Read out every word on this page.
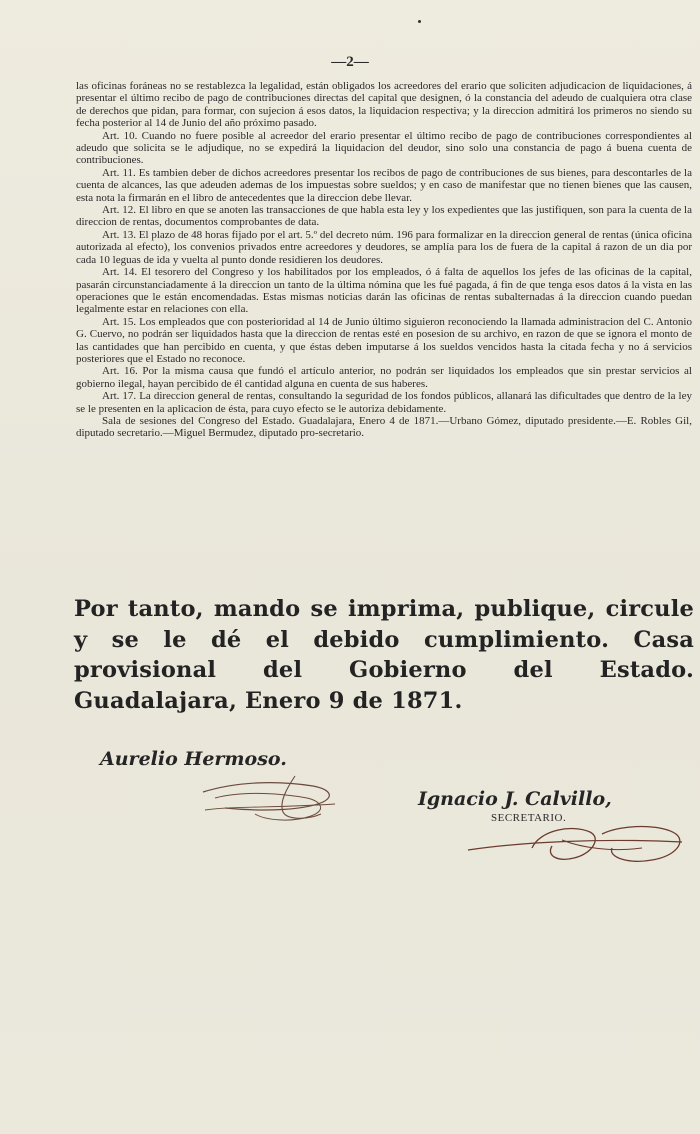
—2—

las oficinas foráneas no se restablezca la legalidad, están obligados los acreedores del erario que soliciten adjudicacion de liquidaciones, á presentar el último recibo de pago de contribuciones directas del capital que designen, ó la constancia del adeudo de cualquiera otra clase de derechos que pidan, para formar, con sujecion á esos datos, la liquidacion respectiva; y la direccion admitirá los primeros no siendo su fecha posterior al 14 de Junio del año próximo pasado.

Art. 10. Cuando no fuere posible al acreedor del erario presentar el último recibo de pago de contribuciones correspondientes al adeudo que solicita se le adjudique, no se expedirá la liquidacion del deudor, sino solo una constancia de pago á buena cuenta de contribuciones.

Art. 11. Es tambien deber de dichos acreedores presentar los recibos de pago de contribuciones de sus bienes, para descontarles de la cuenta de alcances, las que adeuden ademas de los impuestas sobre sueldos; y en caso de manifestar que no tienen bienes que las causen, esta nota la firmarán en el libro de antecedentes que la direccion debe llevar.

Art. 12. El libro en que se anoten las transacciones de que habla esta ley y los expedientes que las justifiquen, son para la cuenta de la direccion de rentas, documentos comprobantes de data.

Art. 13. El plazo de 48 horas fijado por el art. 5.º del decreto núm. 196 para formalizar en la direccion general de rentas (única oficina autorizada al efecto), los convenios privados entre acreedores y deudores, se amplía para los de fuera de la capital á razon de un dia por cada 10 leguas de ida y vuelta al punto donde residieren los deudores.

Art. 14. El tesorero del Congreso y los habilitados por los empleados, ó á falta de aquellos los jefes de las oficinas de la capital, pasarán circunstanciadamente á la direccion un tanto de la última nómina que les fué pagada, á fin de que tenga esos datos á la vista en las operaciones que le están encomendadas. Estas mismas noticias darán las oficinas de rentas subalternadas á la direccion cuando puedan legalmente estar en relaciones con ella.

Art. 15. Los empleados que con posterioridad al 14 de Junio último siguieron reconociendo la llamada administracion del C. Antonio G. Cuervo, no podrán ser liquidados hasta que la direccion de rentas esté en posesion de su archivo, en razon de que se ignora el monto de las cantidades que han percibido en cuenta, y que éstas deben imputarse á los sueldos vencidos hasta la citada fecha y no á servicios posteriores que el Estado no reconoce.

Art. 16. Por la misma causa que fundó el artículo anterior, no podrán ser liquidados los empleados que sin prestar servicios al gobierno ilegal, hayan percibido de él cantidad alguna en cuenta de sus haberes.

Art. 17. La direccion general de rentas, consultando la seguridad de los fondos públicos, allanará las dificultades que dentro de la ley se le presenten en la aplicacion de ésta, para cuyo efecto se le autoriza debidamente.

Sala de sesiones del Congreso del Estado. Guadalajara, Enero 4 de 1871.—Urbano Gómez, diputado presidente.—E. Robles Gil, diputado secretario.—Miguel Bermudez, diputado pro-secretario.

Por tanto, mando se imprima, publique, circule y se le dé el debido cumplimiento. Casa provisional del Gobierno del Estado. Guadalajara, Enero 9 de 1871.
Aurelio Hermoso.
Ignacio J. Calvillo,
SECRETARIO.
